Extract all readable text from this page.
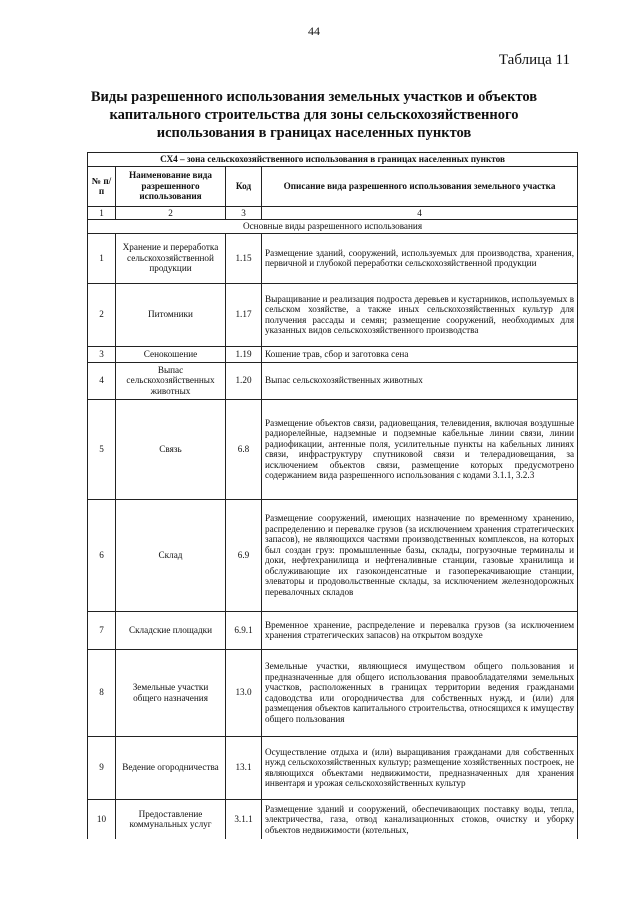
44
Таблица 11
Виды разрешенного использования земельных участков и объектов
капитального строительства для зоны сельскохозяйственного
использования в границах населенных пунктов
СХ4 – зона сельскохозяйственного использования в границах населенных пунктов			
№ п/п	Наименование вида разрешенного использования	Код	Описание вида разрешенного использования земельного участка
1	2	3	4
Основные виды разрешенного использования			
1	Хранение и переработка сельскохозяйственной продукции	1.15	Размещение зданий, сооружений, используемых для производства, хранения, первичной и глубокой переработки сельскохозяйственной продукции
2	Питомники	1.17	Выращивание и реализация подроста деревьев и кустарников, используемых в сельском хозяйстве, а также иных сельскохозяйственных культур для получения рассады и семян; размещение сооружений, необходимых для указанных видов сельскохозяйственного производства
3	Сенокошение	1.19	Кошение трав, сбор и заготовка сена
4	Выпас сельскохозяйственных животных	1.20	Выпас сельскохозяйственных животных
5	Связь	6.8	Размещение объектов связи, радиовещания, телевидения, включая воздушные радиорелейные, надземные и подземные кабельные линии связи, линии радиофикации, антенные поля, усилительные пункты на кабельных линиях связи, инфраструктуру спутниковой связи и телерадиовещания, за исключением объектов связи, размещение которых предусмотрено содержанием вида разрешенного использования с кодами 3.1.1, 3.2.3
6	Склад	6.9	Размещение сооружений, имеющих назначение по временному хранению, распределению и перевалке грузов (за исключением хранения стратегических запасов), не являющихся частями производственных комплексов, на которых был создан груз: промышленные базы, склады, погрузочные терминалы и доки, нефтехранилища и нефтеналивные станции, газовые хранилища и обслуживающие их газоконденсатные и газоперекачивающие станции, элеваторы и продовольственные склады, за исключением железнодорожных перевалочных складов
7	Складские площадки	6.9.1	Временное хранение, распределение и перевалка грузов (за исключением хранения стратегических запасов) на открытом воздухе
8	Земельные участки общего назначения	13.0	Земельные участки, являющиеся имуществом общего пользования и предназначенные для общего использования правообладателями земельных участков, расположенных в границах территории ведения гражданами садоводства или огородничества для собственных нужд, и (или) для размещения объектов капитального строительства, относящихся к имуществу общего пользования
9	Ведение огородничества	13.1	Осуществление отдыха и (или) выращивания гражданами для собственных нужд сельскохозяйственных культур; размещение хозяйственных построек, не являющихся объектами недвижимости, предназначенных для хранения инвентаря и урожая сельскохозяйственных культур
10	Предоставление коммунальных услуг	3.1.1	Размещение зданий и сооружений, обеспечивающих поставку воды, тепла, электричества, газа, отвод канализационных стоков, очистку и уборку объектов недвижимости (котельных,
